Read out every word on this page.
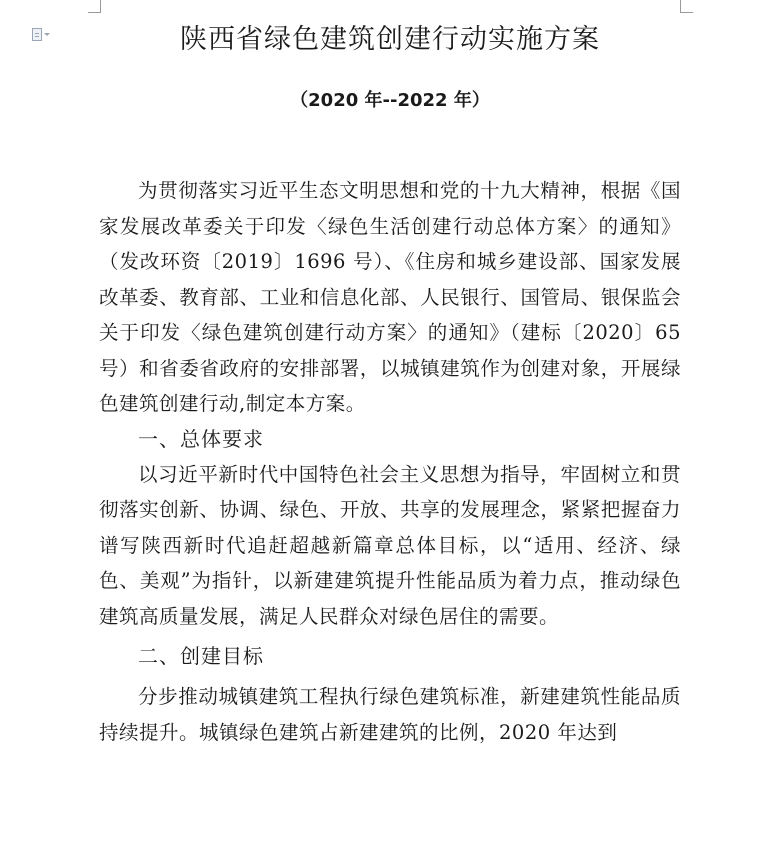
陕西省绿色建筑创建行动实施方案

（2020 年--2022 年）

为贯彻落实习近平生态文明思想和党的十九大精神，根据《国家发展改革委关于印发〈绿色生活创建行动总体方案〉的通知》（发改环资〔2019〕1696 号）、《住房和城乡建设部、国家发展改革委、教育部、工业和信息化部、人民银行、国管局、银保监会关于印发〈绿色建筑创建行动方案〉的通知》（建标〔2020〕65 号）和省委省政府的安排部署，以城镇建筑作为创建对象，开展绿色建筑创建行动,制定本方案。

一、总体要求

以习近平新时代中国特色社会主义思想为指导，牢固树立和贯彻落实创新、协调、绿色、开放、共享的发展理念，紧紧把握奋力谱写陕西新时代追赶超越新篇章总体目标，以“适用、经济、绿色、美观”为指针，以新建建筑提升性能品质为着力点，推动绿色建筑高质量发展，满足人民群众对绿色居住的需要。

二、创建目标

分步推动城镇建筑工程执行绿色建筑标准，新建建筑性能品质持续提升。城镇绿色建筑占新建建筑的比例，2020 年达到
